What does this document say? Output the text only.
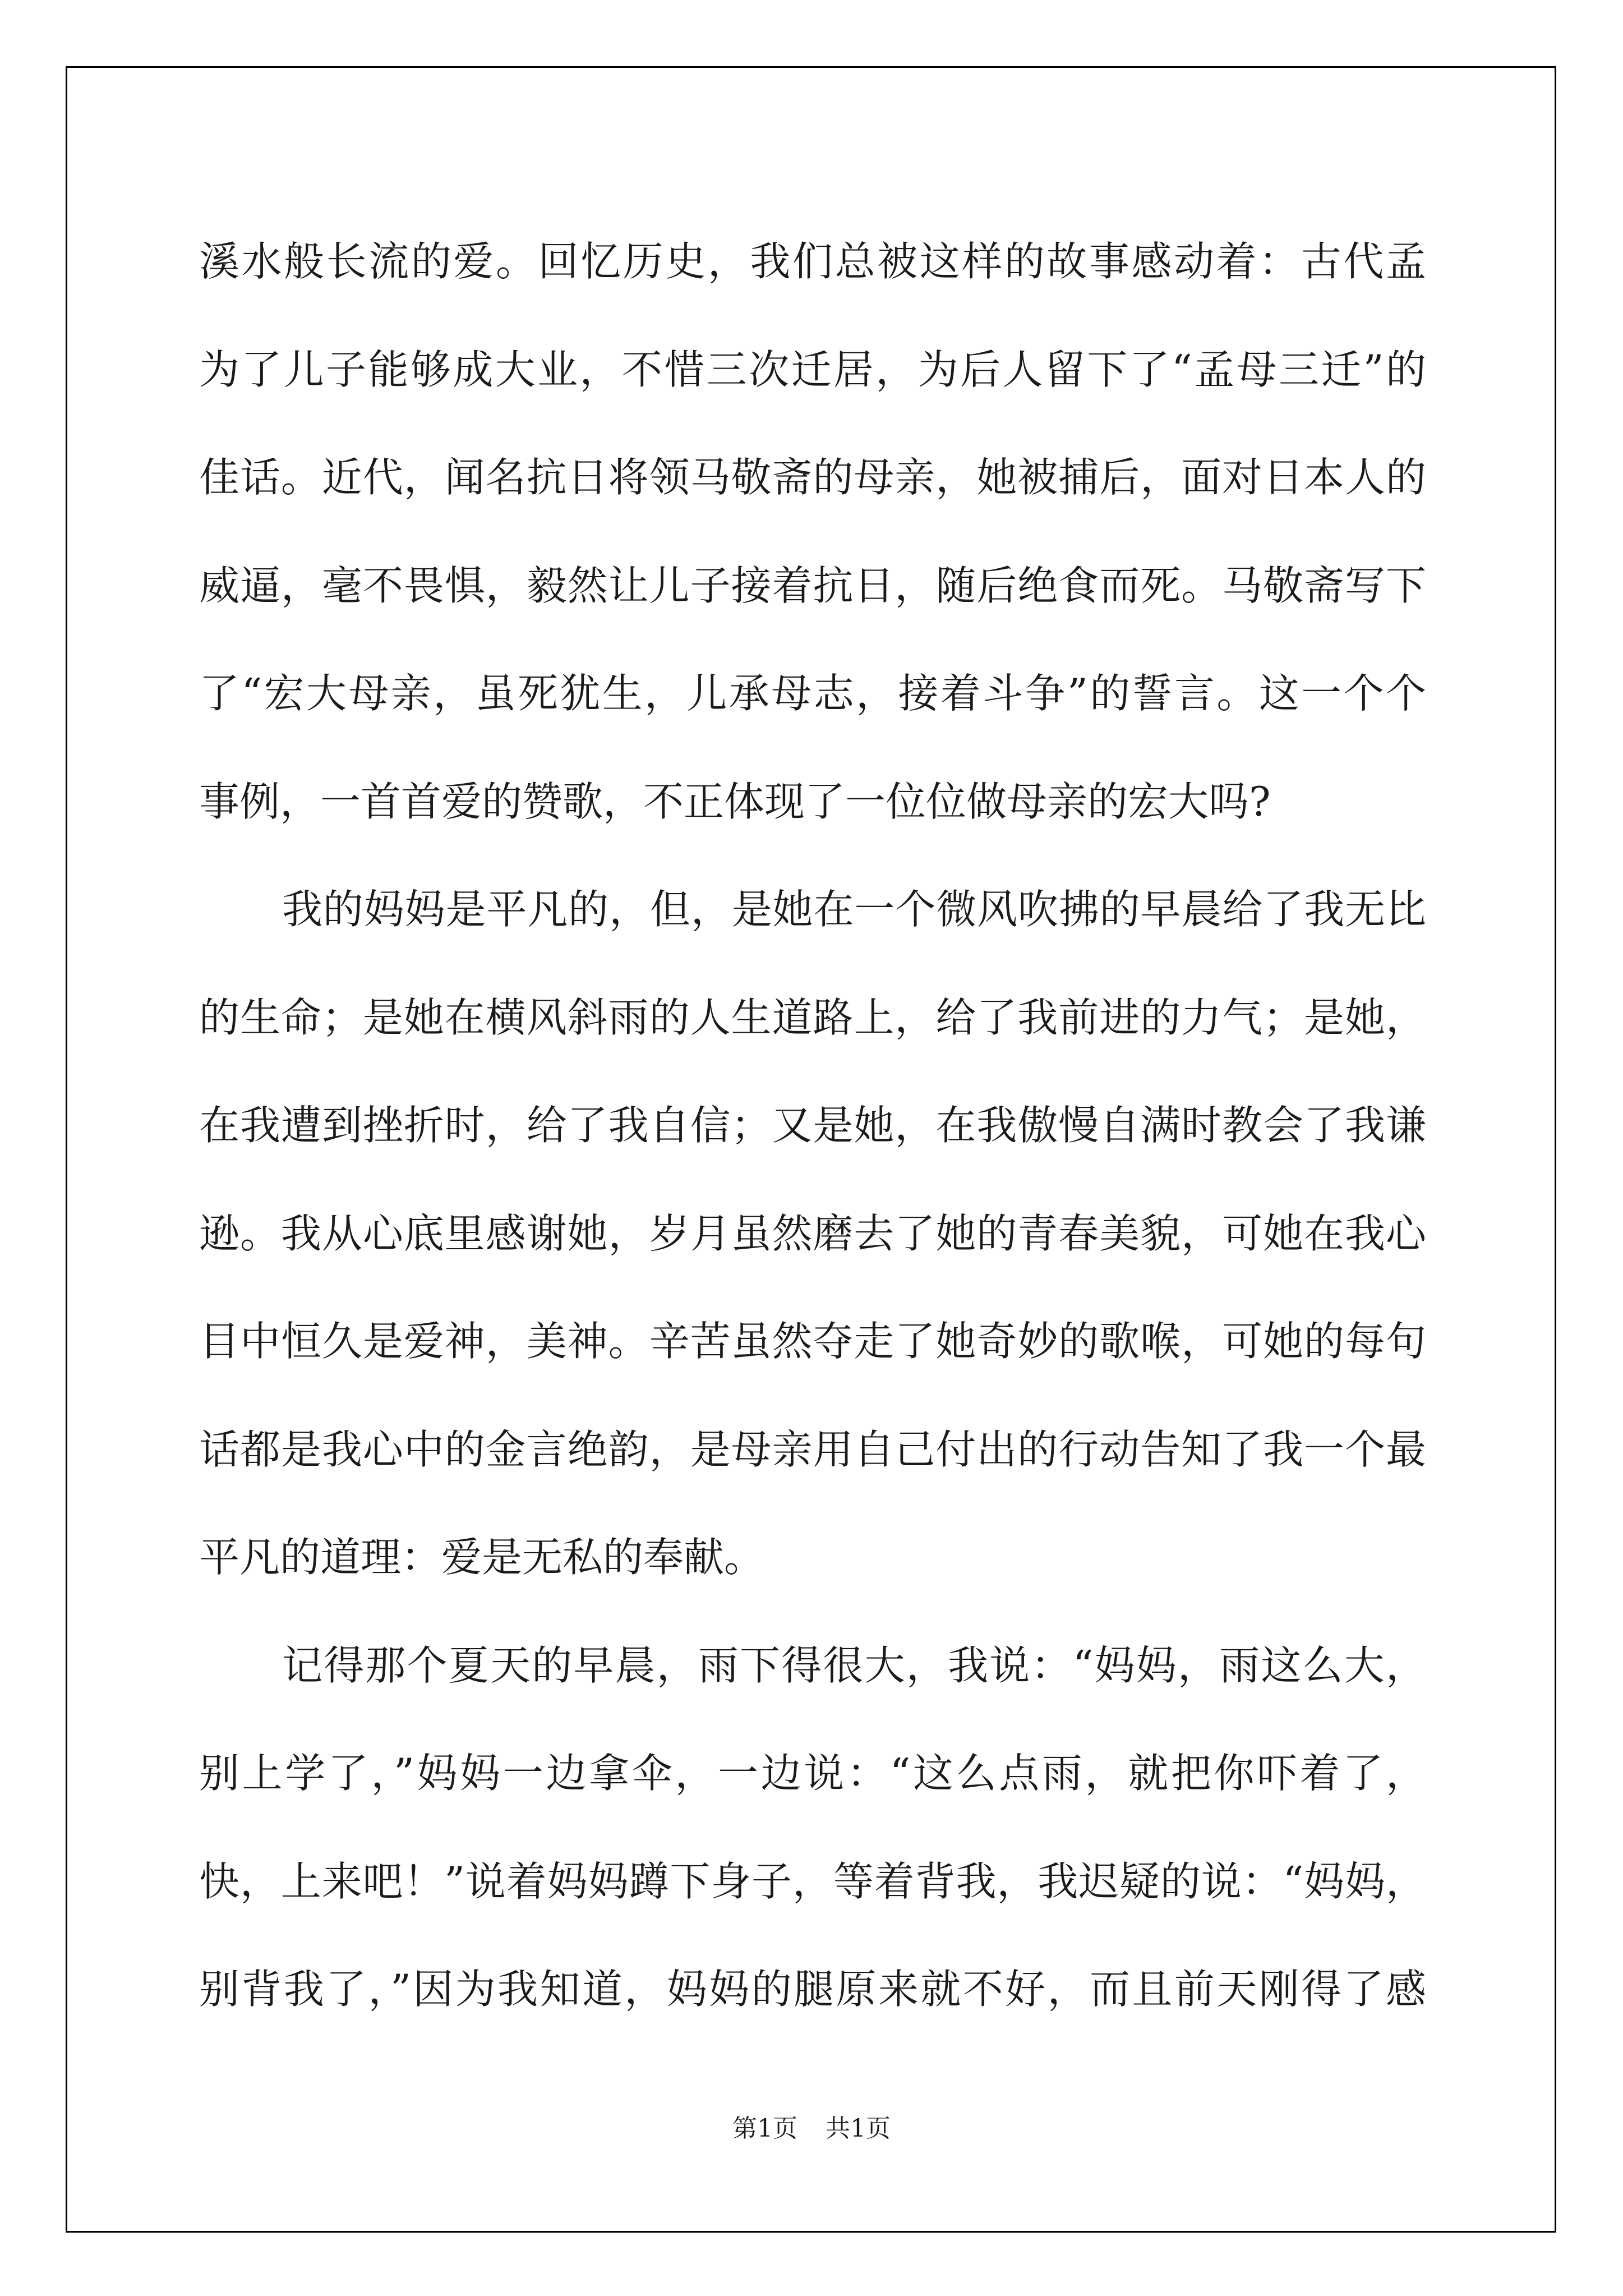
溪水般长流的爱。回忆历史，我们总被这样的故事感动着：古代孟
为了儿子能够成大业，不惜三次迁居，为后人留下了“孟母三迁”的
佳话。近代，闻名抗日将领马敬斋的母亲，她被捕后，面对日本人的
威逼，毫不畏惧，毅然让儿子接着抗日，随后绝食而死。马敬斋写下
了“宏大母亲，虽死犹生，儿承母志，接着斗争”的誓言。这一个个
事例，一首首爱的赞歌，不正体现了一位位做母亲的宏大吗?
我的妈妈是平凡的，但，是她在一个微风吹拂的早晨给了我无比
的生命；是她在横风斜雨的人生道路上，给了我前进的力气；是她，
在我遭到挫折时，给了我自信；又是她，在我傲慢自满时教会了我谦
逊。我从心底里感谢她，岁月虽然磨去了她的青春美貌，可她在我心
目中恒久是爱神，美神。辛苦虽然夺走了她奇妙的歌喉，可她的每句
话都是我心中的金言绝韵，是母亲用自己付出的行动告知了我一个最
平凡的道理：爱是无私的奉献。
记得那个夏天的早晨，雨下得很大，我说：“妈妈，雨这么大，
别上学了，”妈妈一边拿伞，一边说：“这么点雨，就把你吓着了，
快，上来吧！”说着妈妈蹲下身子，等着背我，我迟疑的说：“妈妈，
别背我了，”因为我知道，妈妈的腿原来就不好，而且前天刚得了感
第1页 共1页
